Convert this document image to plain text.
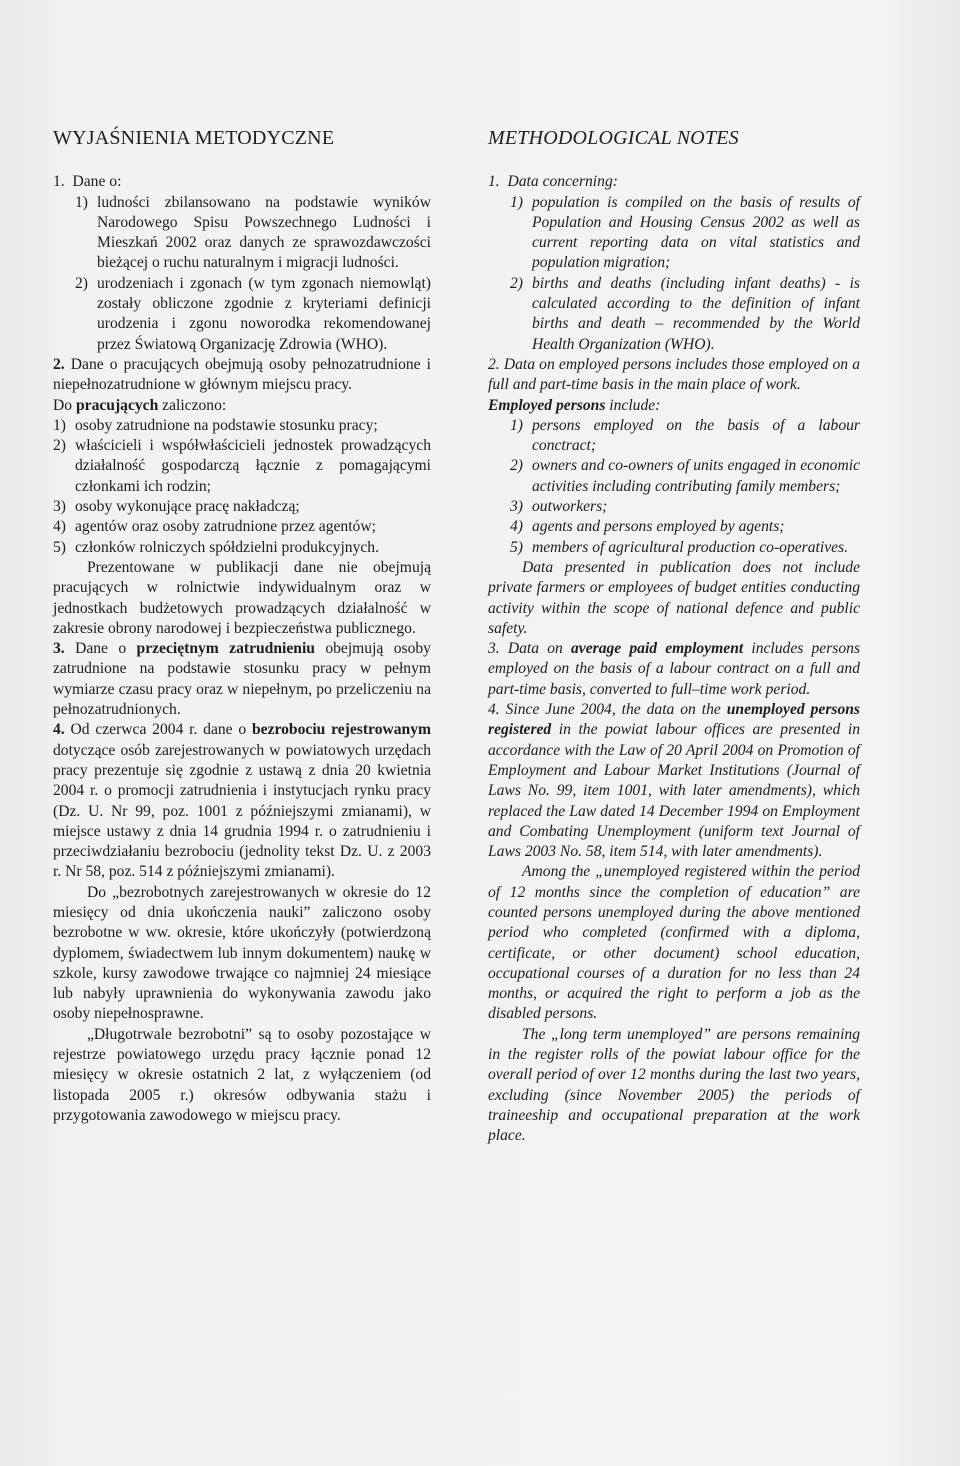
WYJAŚNIENIA METODYCZNE

1. Dane o:

1) ludności zbilansowano na podstawie wyników Narodowego Spisu Powszechnego Ludności i Mieszkań 2002 oraz danych ze sprawozdawczości bieżącej o ruchu naturalnym i migracji ludności.
2) urodzeniach i zgonach (w tym zgonach niemowląt) zostały obliczone zgodnie z kryteriami definicji urodzenia i zgonu noworodka rekomendowanej przez Światową Organizację Zdrowia (WHO).

2. Dane o pracujących obejmują osoby pełnozatrudnione i niepełnozatrudnione w głównym miejscu pracy.

Do pracujących zaliczono:

1) osoby zatrudnione na podstawie stosunku pracy;
2) właścicieli i współwłaścicieli jednostek prowadzących działalność gospodarczą łącznie z pomagającymi członkami ich rodzin;
3) osoby wykonujące pracę nakładczą;
4) agentów oraz osoby zatrudnione przez agentów;
5) członków rolniczych spółdzielni produkcyjnych.

Prezentowane w publikacji dane nie obejmują pracujących w rolnictwie indywidualnym oraz w jednostkach budżetowych prowadzących działalność w zakresie obrony narodowej i bezpieczeństwa publicznego.

3. Dane o przeciętnym zatrudnieniu obejmują osoby zatrudnione na podstawie stosunku pracy w pełnym wymiarze czasu pracy oraz w niepełnym, po przeliczeniu na pełnozatrudnionych.

4. Od czerwca 2004 r. dane o bezrobociu rejestrowanym dotyczące osób zarejestrowanych w powiatowych urzędach pracy prezentuje się zgodnie z ustawą z dnia 20 kwietnia 2004 r. o promocji zatrudnienia i instytucjach rynku pracy (Dz. U. Nr 99, poz. 1001 z późniejszymi zmianami), w miejsce ustawy z dnia 14 grudnia 1994 r. o zatrudnieniu i przeciwdziałaniu bezrobociu (jednolity tekst Dz. U. z 2003 r. Nr 58, poz. 514 z późniejszymi zmianami).

Do „bezrobotnych zarejestrowanych w okresie do 12 miesięcy od dnia ukończenia nauki” zaliczono osoby bezrobotne w ww. okresie, które ukończyły (potwierdzoną dyplomem, świadectwem lub innym dokumentem) naukę w szkole, kursy zawodowe trwające co najmniej 24 miesiące lub nabyły uprawnienia do wykonywania zawodu jako osoby niepełnosprawne.

„Długotrwale bezrobotni” są to osoby pozostające w rejestrze powiatowego urzędu pracy łącznie ponad 12 miesięcy w okresie ostatnich 2 lat, z wyłączeniem (od listopada 2005 r.) okresów odbywania stażu i przygotowania zawodowego w miejscu pracy.

METHODOLOGICAL NOTES

1. Data concerning:

1) population is compiled on the basis of results of Population and Housing Census 2002 as well as current reporting data on vital statistics and population migration;
2) births and deaths (including infant deaths) - is calculated according to the definition of infant births and death – recommended by the World Health Organization (WHO).

2. Data on employed persons includes those employed on a full and part-time basis in the main place of work.

Employed persons include:

1) persons employed on the basis of a labour conctract;
2) owners and co-owners of units engaged in economic activities including contributing family members;
3) outworkers;
4) agents and persons employed by agents;
5) members of agricultural production co-operatives.

Data presented in publication does not include private farmers or employees of budget entities conducting activity within the scope of national defence and public safety.

3. Data on average paid employment includes persons employed on the basis of a labour contract on a full and part-time basis, converted to full–time work period.

4. Since June 2004, the data on the unemployed persons registered in the powiat labour offices are presented in accordance with the Law of 20 April 2004 on Promotion of Employment and Labour Market Institutions (Journal of Laws No. 99, item 1001, with later amendments), which replaced the Law dated 14 December 1994 on Employment and Combating Unemployment (uniform text Journal of Laws 2003 No. 58, item 514, with later amendments).

Among the „unemployed registered within the period of 12 months since the completion of education” are counted persons unemployed during the above mentioned period who completed (confirmed with a diploma, certificate, or other document) school education, occupational courses of a duration for no less than 24 months, or acquired the right to perform a job as the disabled persons.

The „long term unemployed” are persons remaining in the register rolls of the powiat labour office for the overall period of over 12 months during the last two years, excluding (since November 2005) the periods of traineeship and occupational preparation at the work place.
